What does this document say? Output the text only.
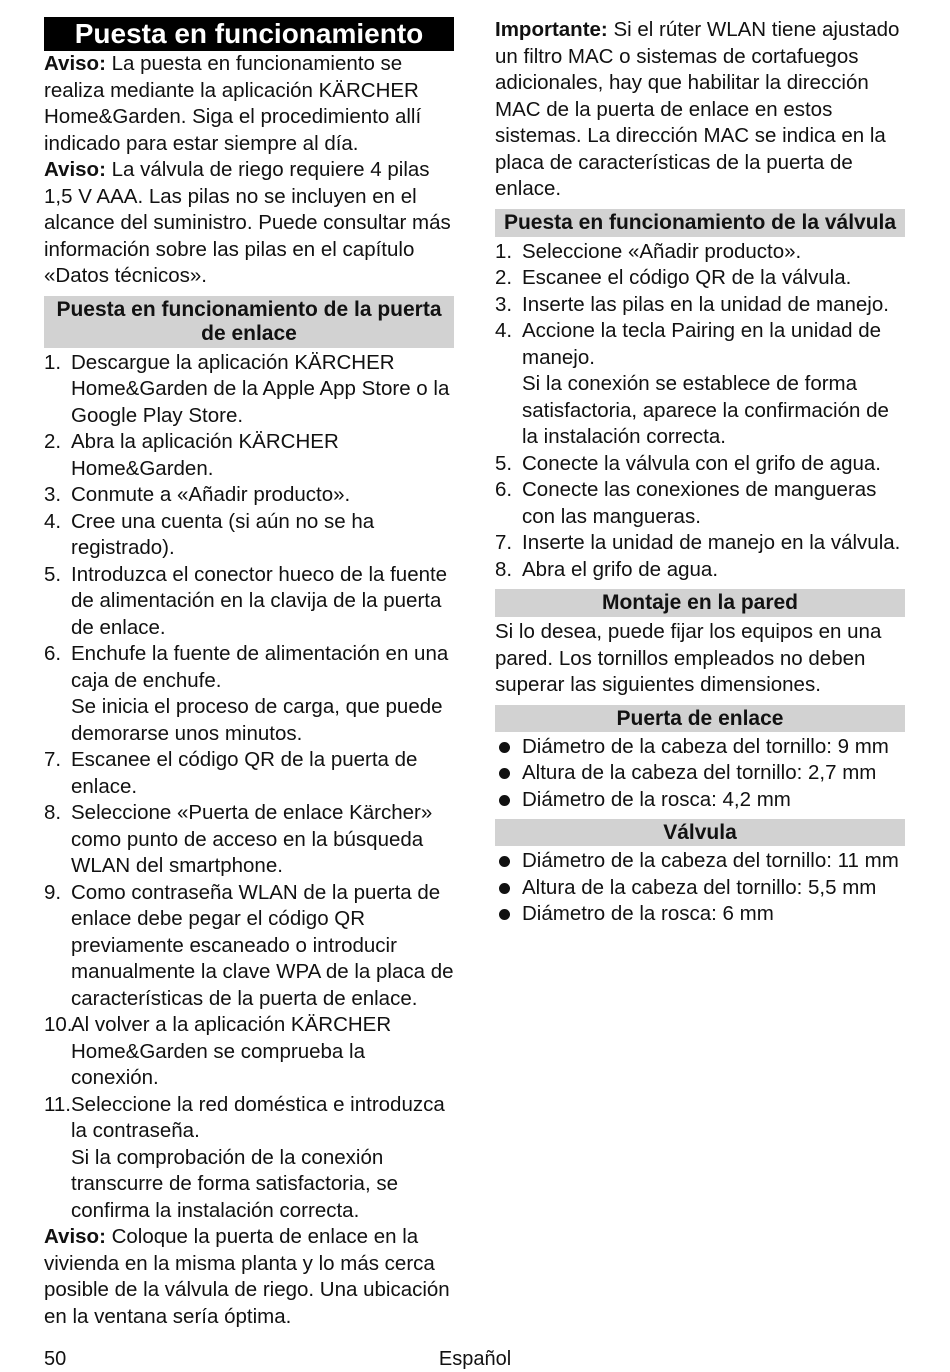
Puesta en funcionamiento

Aviso: La puesta en funcionamiento se realiza mediante la aplicación KÄRCHER Home&Garden. Siga el procedimiento allí indicado para estar siempre al día.

Aviso: La válvula de riego requiere 4 pilas 1,5 V AAA. Las pilas no se incluyen en el alcance del suministro. Puede consultar más información sobre las pilas en el capítulo «Datos técnicos».

Puesta en funcionamiento de la puerta de enlace
1. Descargue la aplicación KÄRCHER Home&Garden de la Apple App Store o la Google Play Store.
2. Abra la aplicación KÄRCHER Home&Garden.
3. Conmute a «Añadir producto».
4. Cree una cuenta (si aún no se ha registrado).
5. Introduzca el conector hueco de la fuente de alimentación en la clavija de la puerta de enlace.
6. Enchufe la fuente de alimentación en una caja de enchufe.
Se inicia el proceso de carga, que puede demorarse unos minutos.
7. Escanee el código QR de la puerta de enlace.
8. Seleccione «Puerta de enlace Kärcher» como punto de acceso en la búsqueda WLAN del smartphone.
9. Como contraseña WLAN de la puerta de enlace debe pegar el código QR previamente escaneado o introducir manualmente la clave WPA de la placa de características de la puerta de enlace.
10.
Al volver a la aplicación KÄRCHER Home&Garden se comprueba la conexión.
11. Seleccione la red doméstica e introduzca la contraseña.
Si la comprobación de la conexión transcurre de forma satisfactoria, se confirma la instalación correcta.

Aviso: Coloque la puerta de enlace en la vivienda en la misma planta y lo más cerca posible de la válvula de riego. Una ubicación en la ventana sería óptima.

Importante: Si el rúter WLAN tiene ajustado un filtro MAC o sistemas de cortafuegos adicionales, hay que habilitar la dirección MAC de la puerta de enlace en estos sistemas. La dirección MAC se indica en la placa de características de la puerta de enlace.

Puesta en funcionamiento de la válvula
1. Seleccione «Añadir producto».
2. Escanee el código QR de la válvula.
3. Inserte las pilas en la unidad de manejo.
4. Accione la tecla Pairing en la unidad de manejo.
Si la conexión se establece de forma satisfactoria, aparece la confirmación de la instalación correcta.
5. Conecte la válvula con el grifo de agua.
6. Conecte las conexiones de mangueras con las mangueras.
7. Inserte la unidad de manejo en la válvula.
8. Abra el grifo de agua.
Montaje en la pared

Si lo desea, puede fijar los equipos en una pared. Los tornillos empleados no deben superar las siguientes dimensiones.

Puerta de enlace
Diámetro de la cabeza del tornillo: 9 mm
Altura de la cabeza del tornillo: 2,7 mm
Diámetro de la rosca: 4,2 mm
Válvula
Diámetro de la cabeza del tornillo: 11 mm
Altura de la cabeza del tornillo: 5,5 mm
Diámetro de la rosca: 6 mm
50	Español
